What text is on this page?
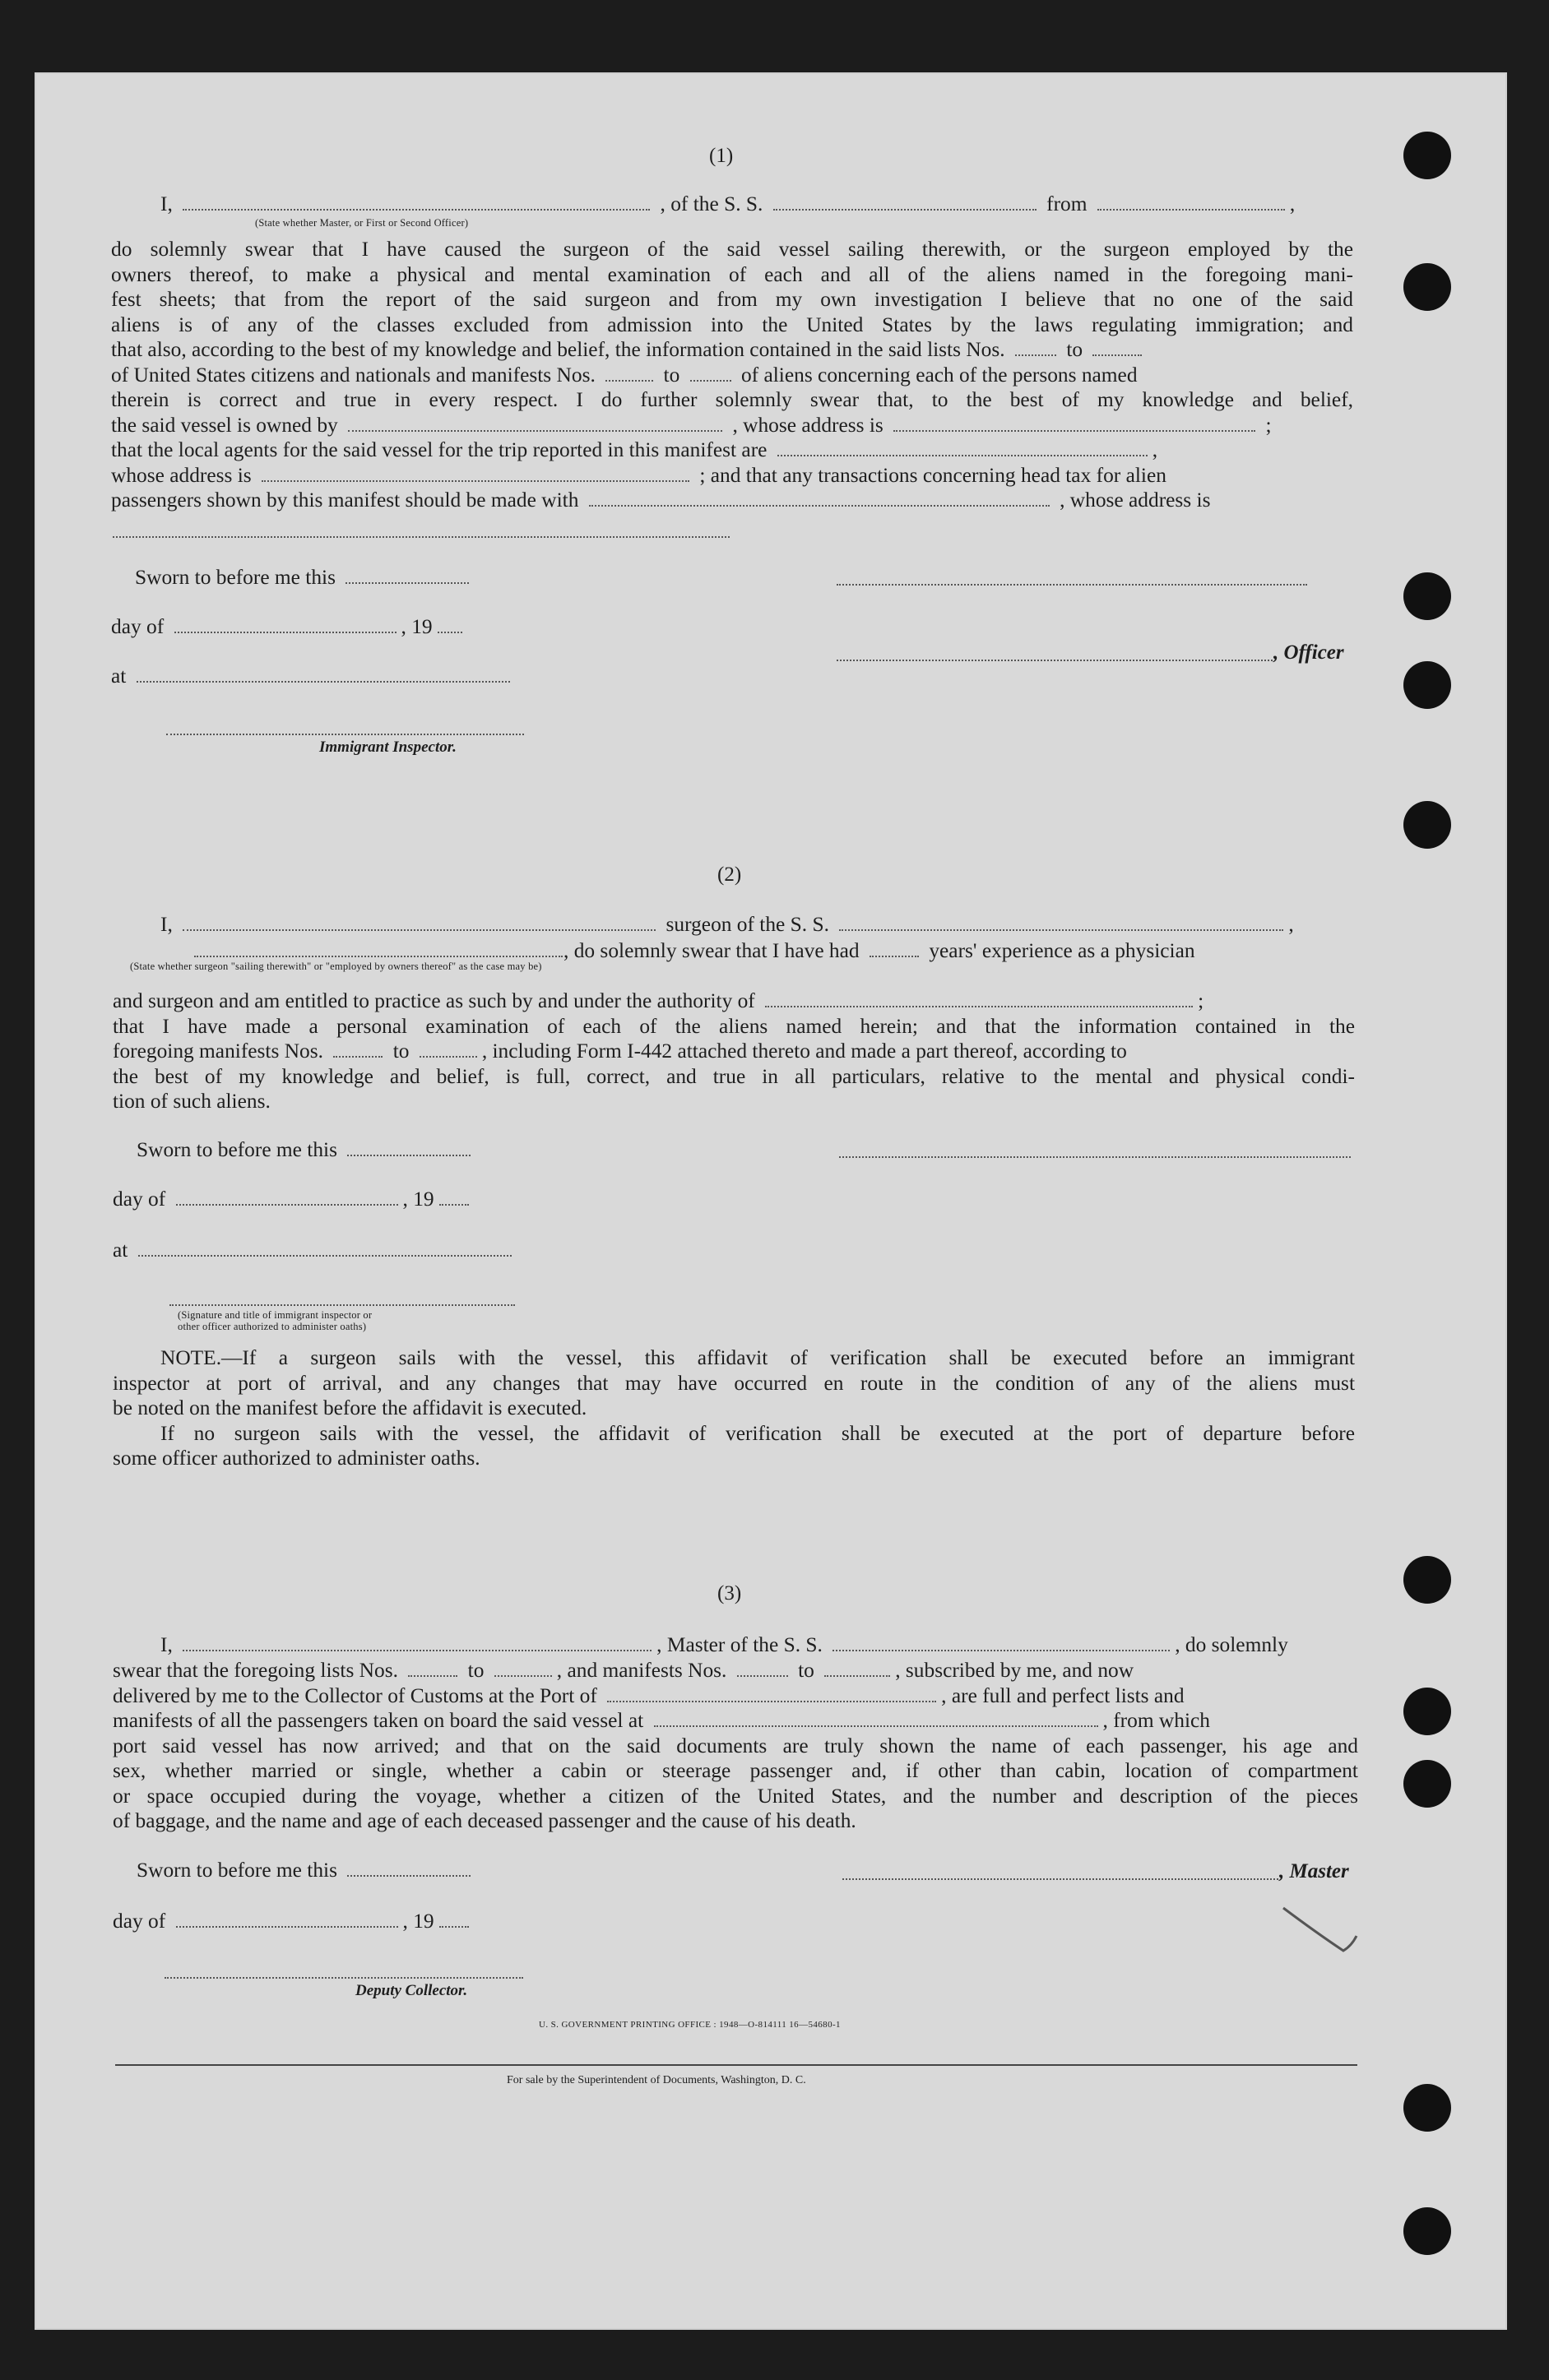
(1)
I,	, of the S. S.	from	,
(State whether Master, or First or Second Officer)
do solemnly swear that I have caused the surgeon of the said vessel sailing therewith, or the surgeon employed by the
owners thereof, to make a physical and mental examination of each and all of the aliens named in the foregoing mani-
fest sheets; that from the report of the said surgeon and from my own investigation I believe that no one of the said
aliens is of any of the classes excluded from admission into the United States by the laws regulating immigration; and
that also, according to the best of my knowledge and belief, the information contained in the said lists Nos.	to
of United States citizens and nationals and manifests Nos.	to	of aliens concerning each of the persons named
therein is correct and true in every respect. I do further solemnly swear that, to the best of my knowledge and belief,
the said vessel is owned by	, whose address is	;
that the local agents for the said vessel for the trip reported in this manifest are	,
whose address is	; and that any transactions concerning head tax for alien
passengers shown by this manifest should be made with	, whose address is
Sworn to before me this
day of	, 19
at
, Officer
Immigrant Inspector.
(2)
I,	surgeon of the S. S.	,
, do solemnly swear that I have had	years' experience as a physician
(State whether surgeon "sailing therewith" or "employed by owners thereof" as the case may be)
and surgeon and am entitled to practice as such by and under the authority of	;
that I have made a personal examination of each of the aliens named herein; and that the information contained in the
foregoing manifests Nos.	to	, including Form I-442 attached thereto and made a part thereof, according to
the best of my knowledge and belief, is full, correct, and true in all particulars, relative to the mental and physical condi-
tion of such aliens.
Sworn to before me this
day of	, 19
at
(Signature and title of immigrant inspector or
other officer authorized to administer oaths)
NOTE.—If a surgeon sails with the vessel, this affidavit of verification shall be executed before an immigrant
inspector at port of arrival, and any changes that may have occurred en route in the condition of any of the aliens must
be noted on the manifest before the affidavit is executed.
If no surgeon sails with the vessel, the affidavit of verification shall be executed at the port of departure before
some officer authorized to administer oaths.
(3)
I,	, Master of the S. S.	, do solemnly
swear that the foregoing lists Nos.	to	, and manifests Nos.	to	, subscribed by me, and now
delivered by me to the Collector of Customs at the Port of	, are full and perfect lists and
manifests of all the passengers taken on board the said vessel at	, from which
port said vessel has now arrived; and that on the said documents are truly shown the name of each passenger, his age and
sex, whether married or single, whether a cabin or steerage passenger and, if other than cabin, location of compartment
or space occupied during the voyage, whether a citizen of the United States, and the number and description of the pieces
of baggage, and the name and age of each deceased passenger and the cause of his death.
Sworn to before me this	, Master
day of	, 19
Deputy Collector.
U. S. GOVERNMENT PRINTING OFFICE : 1948—O-814111 16—54680-1
For sale by the Superintendent of Documents, Washington, D. C.
